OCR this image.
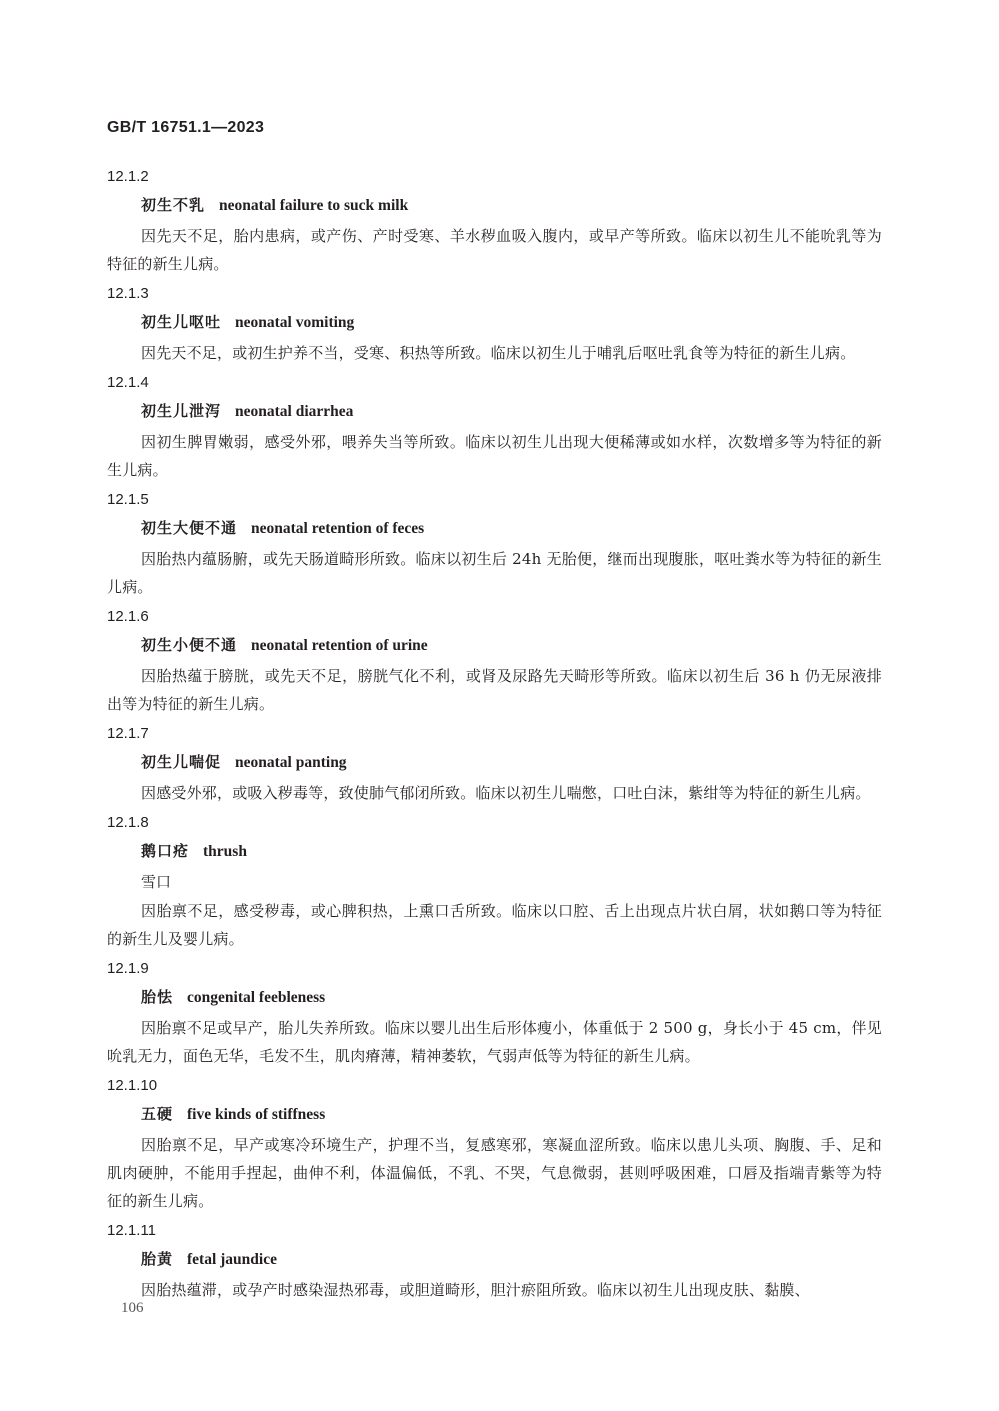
GB/T 16751.1—2023
12.1.2
初生不乳 neonatal failure to suck milk

因先天不足，胎内患病，或产伤、产时受寒、羊水秽血吸入腹内，或早产等所致。临床以初生儿不能吮乳等为特征的新生儿病。

12.1.3
初生儿呕吐 neonatal vomiting

因先天不足，或初生护养不当，受寒、积热等所致。临床以初生儿于哺乳后呕吐乳食等为特征的新生儿病。

12.1.4
初生儿泄泻 neonatal diarrhea

因初生脾胃嫩弱，感受外邪，喂养失当等所致。临床以初生儿出现大便稀薄或如水样，次数增多等为特征的新生儿病。

12.1.5
初生大便不通 neonatal retention of feces

因胎热内蕴肠腑，或先天肠道畸形所致。临床以初生后 24h 无胎便，继而出现腹胀，呕吐粪水等为特征的新生儿病。

12.1.6
初生小便不通 neonatal retention of urine

因胎热蕴于膀胱，或先天不足，膀胱气化不利，或肾及尿路先天畸形等所致。临床以初生后 36 h 仍无尿液排出等为特征的新生儿病。

12.1.7
初生儿喘促 neonatal panting

因感受外邪，或吸入秽毒等，致使肺气郁闭所致。临床以初生儿喘憋，口吐白沫，紫绀等为特征的新生儿病。

12.1.8
鹅口疮 thrush
雪口

因胎禀不足，感受秽毒，或心脾积热，上熏口舌所致。临床以口腔、舌上出现点片状白屑，状如鹅口等为特征的新生儿及婴儿病。

12.1.9
胎怯 congenital feebleness

因胎禀不足或早产，胎儿失养所致。临床以婴儿出生后形体瘦小，体重低于 2 500 g，身长小于 45 cm，伴见吮乳无力，面色无华，毛发不生，肌肉瘠薄，精神萎软，气弱声低等为特征的新生儿病。

12.1.10
五硬 five kinds of stiffness

因胎禀不足，早产或寒冷环境生产，护理不当，复感寒邪，寒凝血涩所致。临床以患儿头项、胸腹、手、足和肌肉硬肿，不能用手捏起，曲伸不利，体温偏低，不乳、不哭，气息微弱，甚则呼吸困难，口唇及指端青紫等为特征的新生儿病。

12.1.11
胎黄 fetal jaundice

因胎热蕴滞，或孕产时感染湿热邪毒，或胆道畸形，胆汁瘀阻所致。临床以初生儿出现皮肤、黏膜、

106
